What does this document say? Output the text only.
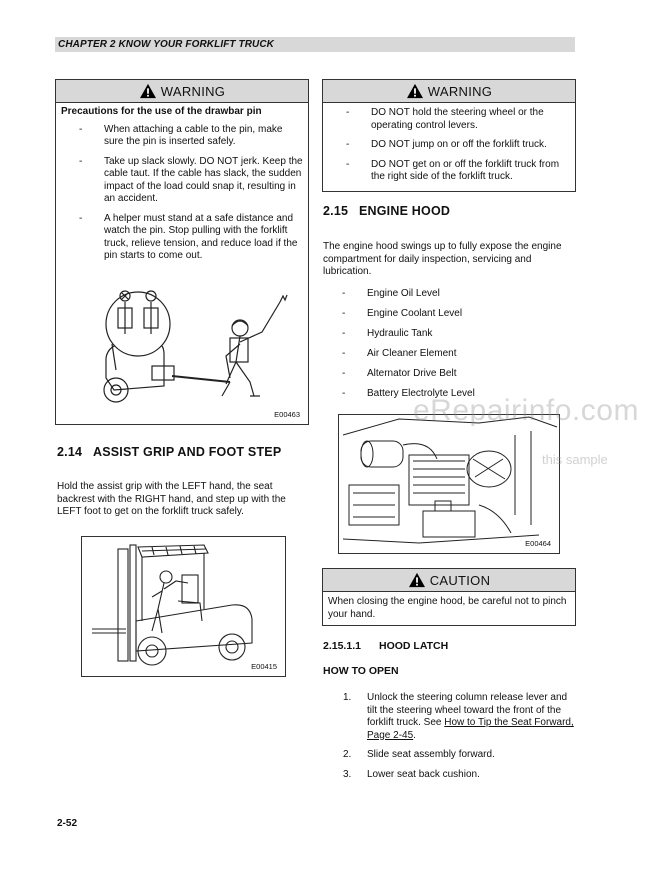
CHAPTER 2 KNOW YOUR FORKLIFT TRUCK
WARNING
Precautions for the use of the drawbar pin
- When attaching a cable to the pin, make sure the pin is inserted safely.
- Take up slack slowly. DO NOT jerk. Keep the cable taut. If the cable has slack, the sudden impact of the load could snap it, resulting in an accident.
- A helper must stand at a safe distance and watch the pin. Stop pulling with the forklift truck, relieve tension, and reduce load if the pin starts to come out.
E00463
2.14 ASSIST GRIP AND FOOT STEP
Hold the assist grip with the LEFT hand, the seat backrest with the RIGHT hand, and step up with the LEFT foot to get on the forklift truck safely.
E00415
WARNING
- DO NOT hold the steering wheel or the operating control levers.
- DO NOT jump on or off the forklift truck.
- DO NOT get on or off the forklift truck from the right side of the forklift truck.
2.15 ENGINE HOOD
The engine hood swings up to fully expose the engine compartment for daily inspection, servicing and lubrication.
- Engine Oil Level
- Engine Coolant Level
- Hydraulic Tank
- Air Cleaner Element
- Alternator Drive Belt
- Battery Electrolyte Level
E00464
eRepairinfo.com
this sample
CAUTION
When closing the engine hood, be careful not to pinch your hand.
2.15.1.1 HOOD LATCH
HOW TO OPEN
1. Unlock the steering column release lever and tilt the steering wheel toward the front of the forklift truck. See How to Tip the Seat Forward, Page 2-45.
2. Slide seat assembly forward.
3. Lower seat back cushion.
2-52
